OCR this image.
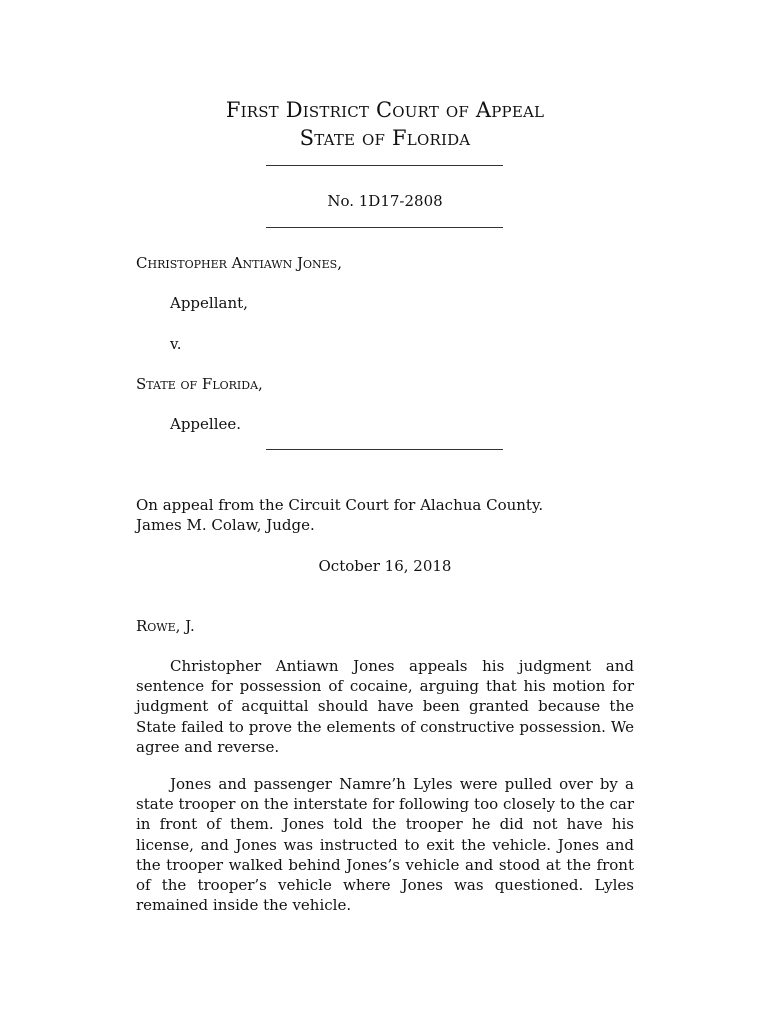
First District Court of Appeal
State of Florida
No. 1D17-2808
Christopher Antiawn Jones,
Appellant,
v.
State of Florida,
Appellee.
On appeal from the Circuit Court for Alachua County.
James M. Colaw, Judge.
October 16, 2018
Rowe, J.

Christopher Antiawn Jones appeals his judgment and sentence for possession of cocaine, arguing that his motion for judgment of acquittal should have been granted because the State failed to prove the elements of constructive possession. We agree and reverse.

Jones and passenger Namre’h Lyles were pulled over by a state trooper on the interstate for following too closely to the car in front of them. Jones told the trooper he did not have his license, and Jones was instructed to exit the vehicle. Jones and the trooper walked behind Jones’s vehicle and stood at the front of the trooper’s vehicle where Jones was questioned. Lyles remained inside the vehicle.
